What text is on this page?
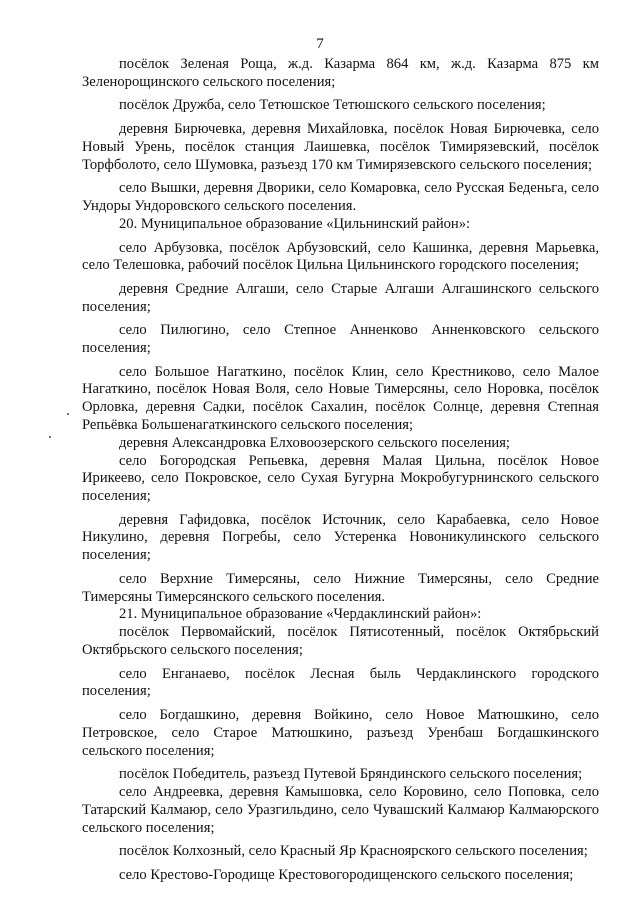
7

посёлок Зеленая Роща, ж.д. Казарма 864 км, ж.д. Казарма 875 км Зеленорощинского сельского поселения;

посёлок Дружба, село Тетюшское Тетюшского сельского поселения;

деревня Бирючевка, деревня Михайловка, посёлок Новая Бирючевка, село Новый Урень, посёлок станция Лаишевка, посёлок Тимирязевский, посёлок Торфболото, село Шумовка, разъезд 170 км Тимирязевского сельского поселения;

село Вышки, деревня Дворики, село Комаровка, село Русская Беденьга, село Ундоры Ундоровского сельского поселения.

20. Муниципальное образование «Цильнинский район»:

село Арбузовка, посёлок Арбузовский, село Кашинка, деревня Марьевка, село Телешовка, рабочий посёлок Цильна Цильнинского городского поселения;

деревня Средние Алгаши, село Старые Алгаши Алгашинского сельского поселения;

село Пилюгино, село Степное Анненково Анненковского сельского поселения;

село Большое Нагаткино, посёлок Клин, село Крестниково, село Малое Нагаткино, посёлок Новая Воля, село Новые Тимерсяны, село Норовка, посёлок Орловка, деревня Садки, посёлок Сахалин, посёлок Солнце, деревня Степная Репьёвка Большенагаткинского сельского поселения;

деревня Александровка Елховоозерского сельского поселения;

село Богородская Репьевка, деревня Малая Цильна, посёлок Новое Ирикеево, село Покровское, село Сухая Бугурна Мокробугурнинского сельского поселения;

деревня Гафидовка, посёлок Источник, село Карабаевка, село Новое Никулино, деревня Погребы, село Устеренка Новоникулинского сельского поселения;

село Верхние Тимерсяны, село Нижние Тимерсяны, село Средние Тимерсяны Тимерсянского сельского поселения.

21. Муниципальное образование «Чердаклинский район»:

посёлок Первомайский, посёлок Пятисотенный, посёлок Октябрьский Октябрьского сельского поселения;

село Енганаево, посёлок Лесная быль Чердаклинского городского поселения;

село Богдашкино, деревня Войкино, село Новое Матюшкино, село Петровское, село Старое Матюшкино, разъезд Уренбаш Богдашкинского сельского поселения;

посёлок Победитель, разъезд Путевой Бряндинского сельского поселения;

село Андреевка, деревня Камышовка, село Коровино, село Поповка, село Татарский Калмаюр, село Уразгильдино, село Чувашский Калмаюр Калмаюрского сельского поселения;

посёлок Колхозный, село Красный Яр Красноярского сельского поселения;

село Крестово-Городище Крестовогородищенского сельского поселения;
